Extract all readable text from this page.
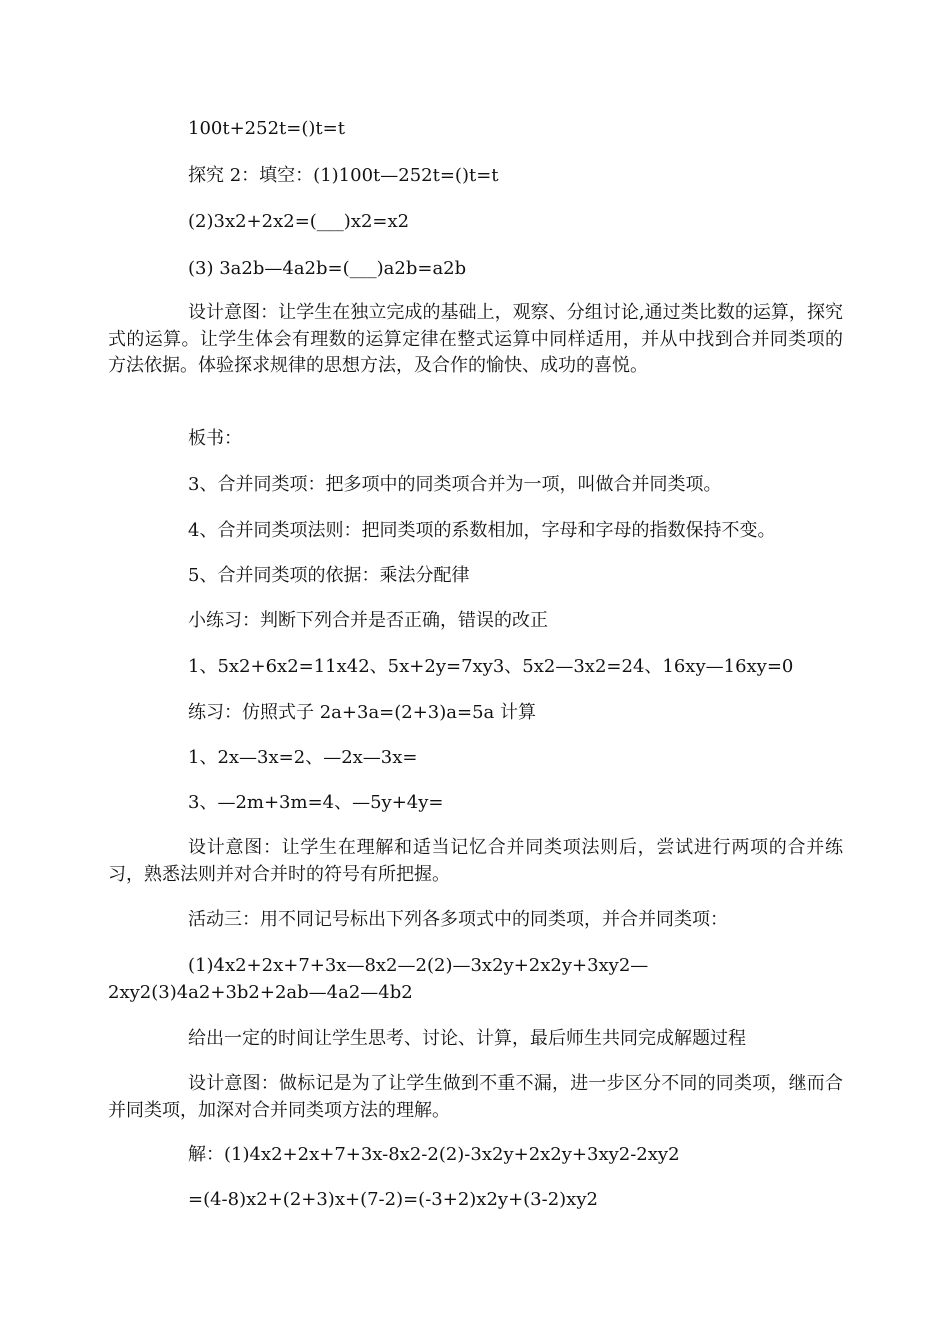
100t+252t=()t=t

探究 2：填空：(1)100t—252t=()t=t

(2)3x2+2x2=(___)x2=x2

(3) 3a2b—4a2b=(___)a2b=a2b

设计意图：让学生在独立完成的基础上，观察、分组讨论,通过类比数的运算，探究式的运算。让学生体会有理数的运算定律在整式运算中同样适用，并从中找到合并同类项的方法依据。体验探求规律的思想方法，及合作的愉快、成功的喜悦。

板书：

3、合并同类项：把多项中的同类项合并为一项，叫做合并同类项。

4、合并同类项法则：把同类项的系数相加，字母和字母的指数保持不变。

5、合并同类项的依据：乘法分配律

小练习：判断下列合并是否正确，错误的改正

1、5x2+6x2=11x42、5x+2y=7xy3、5x2—3x2=24、16xy—16xy=0

练习：仿照式子 2a+3a=(2+3)a=5a 计算

1、2x—3x=2、—2x—3x=

3、—2m+3m=4、—5y+4y=

设计意图：让学生在理解和适当记忆合并同类项法则后，尝试进行两项的合并练习，熟悉法则并对合并时的符号有所把握。

活动三：用不同记号标出下列各多项式中的同类项，并合并同类项：

(1)4x2+2x+7+3x—8x2—2(2)—3x2y+2x2y+3xy2—2xy2(3)4a2+3b2+2ab—4a2—4b2

给出一定的时间让学生思考、讨论、计算，最后师生共同完成解题过程

设计意图：做标记是为了让学生做到不重不漏，进一步区分不同的同类项，继而合并同类项，加深对合并同类项方法的理解。

解：(1)4x2+2x+7+3x-8x2-2(2)-3x2y+2x2y+3xy2-2xy2

=(4-8)x2+(2+3)x+(7-2)=(-3+2)x2y+(3-2)xy2
